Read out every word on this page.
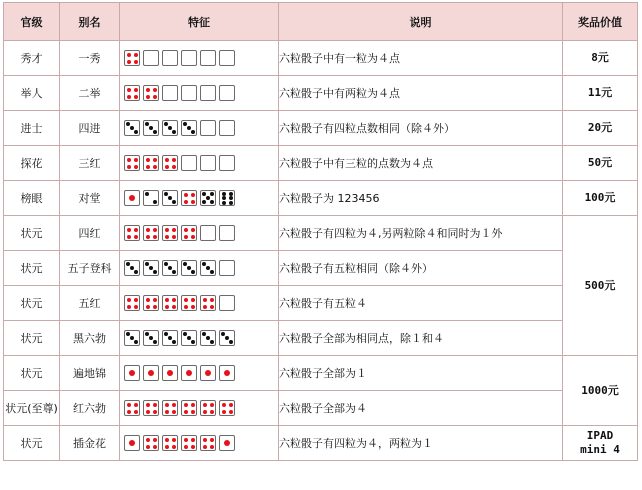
官级	别名	特征	说明	奖品价值
秀才	一秀		六粒骰子中有一粒为４点	8元
举人	二举		六粒骰子中有两粒为４点	11元
进士	四进		六粒骰子有四粒点数相同（除４外）	20元
探花	三红		六粒骰子中有三粒的点数为４点	50元
榜眼	对堂		六粒骰子为 123456	100元
状元	四红		六粒骰子有四粒为４,另两粒除４和同时为１外	500元
状元	五子登科		六粒骰子有五粒相同（除４外）	
状元	五红		六粒骰子有五粒４	
状元	黑六勃		六粒骰子全部为相同点，除１和４	
状元	遍地锦		六粒骰子全部为１	1000元
状元(至尊)	红六勃		六粒骰子全部为４	
状元	插金花		六粒骰子有四粒为４，两粒为１	IPAD
mini 4
